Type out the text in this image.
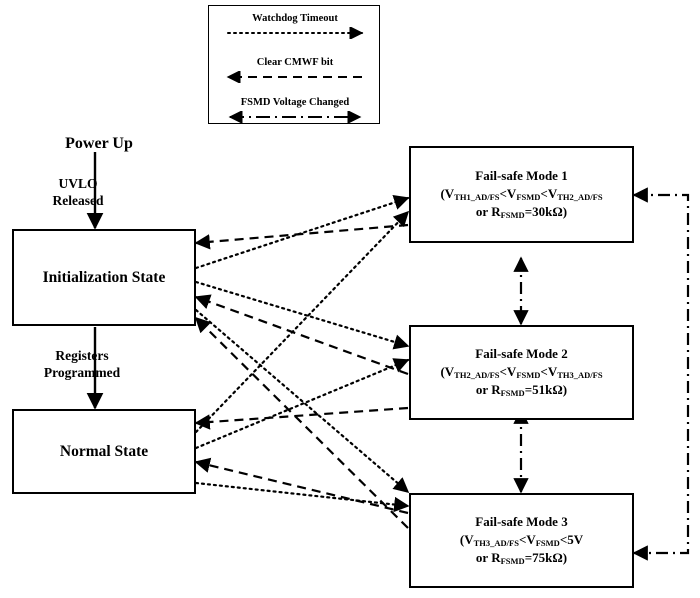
Watchdog Timeout
Clear CMWF bit
FSMD Voltage Changed
Power Up
UVLO
Released
Initialization State
Registers
Programmed
Normal State
Fail-safe Mode 1
($V_{TH1\_AD/FS}<V_{FSMD}<V_{TH2\_AD/FS}$
or $R_{FSMD}=30k\Omega$)
Fail-safe Mode 2
($V_{TH2\_AD/FS}<V_{FSMD}<V_{TH3\_AD/FS}$
or $R_{FSMD}=51k\Omega$)
Fail-safe Mode 3
($V_{TH3\_AD/FS}<V_{FSMD}<5V$
or $R_{FSMD}=75k\Omega$)
